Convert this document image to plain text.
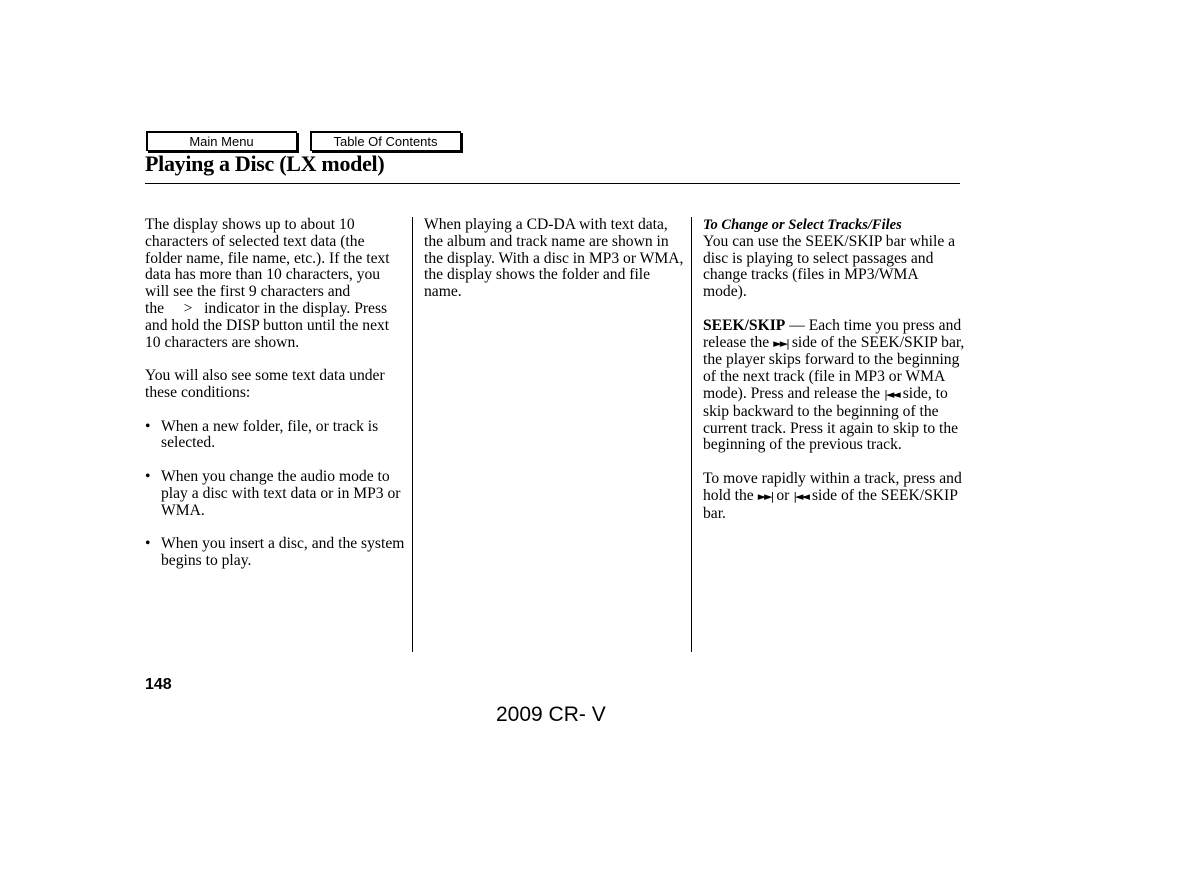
Main Menu	Table Of Contents
Playing a Disc (LX model)

The display shows up to about 10 characters of selected text data (the folder name, file name, etc.). If the text data has more than 10 characters, you will see the first 9 characters and the > indicator in the display. Press and hold the DISP button until the next 10 characters are shown.

You will also see some text data under these conditions:

• When a new folder, file, or track is selected.
• When you change the audio mode to play a disc with text data or in MP3 or WMA.
• When you insert a disc, and the system begins to play.

When playing a CD-DA with text data, the album and track name are shown in the display. With a disc in MP3 or WMA, the display shows the folder and file name.

To Change or Select Tracks/Files

You can use the SEEK/SKIP bar while a disc is playing to select passages and change tracks (files in MP3/WMA mode).

SEEK/SKIP — Each time you press and release the ►►| side of the SEEK/SKIP bar, the player skips forward to the beginning of the next track (file in MP3 or WMA mode). Press and release the |◄◄ side, to skip backward to the beginning of the current track. Press it again to skip to the beginning of the previous track.

To move rapidly within a track, press and hold the ►►| or |◄◄ side of the SEEK/SKIP bar.

148
2009 CR- V
